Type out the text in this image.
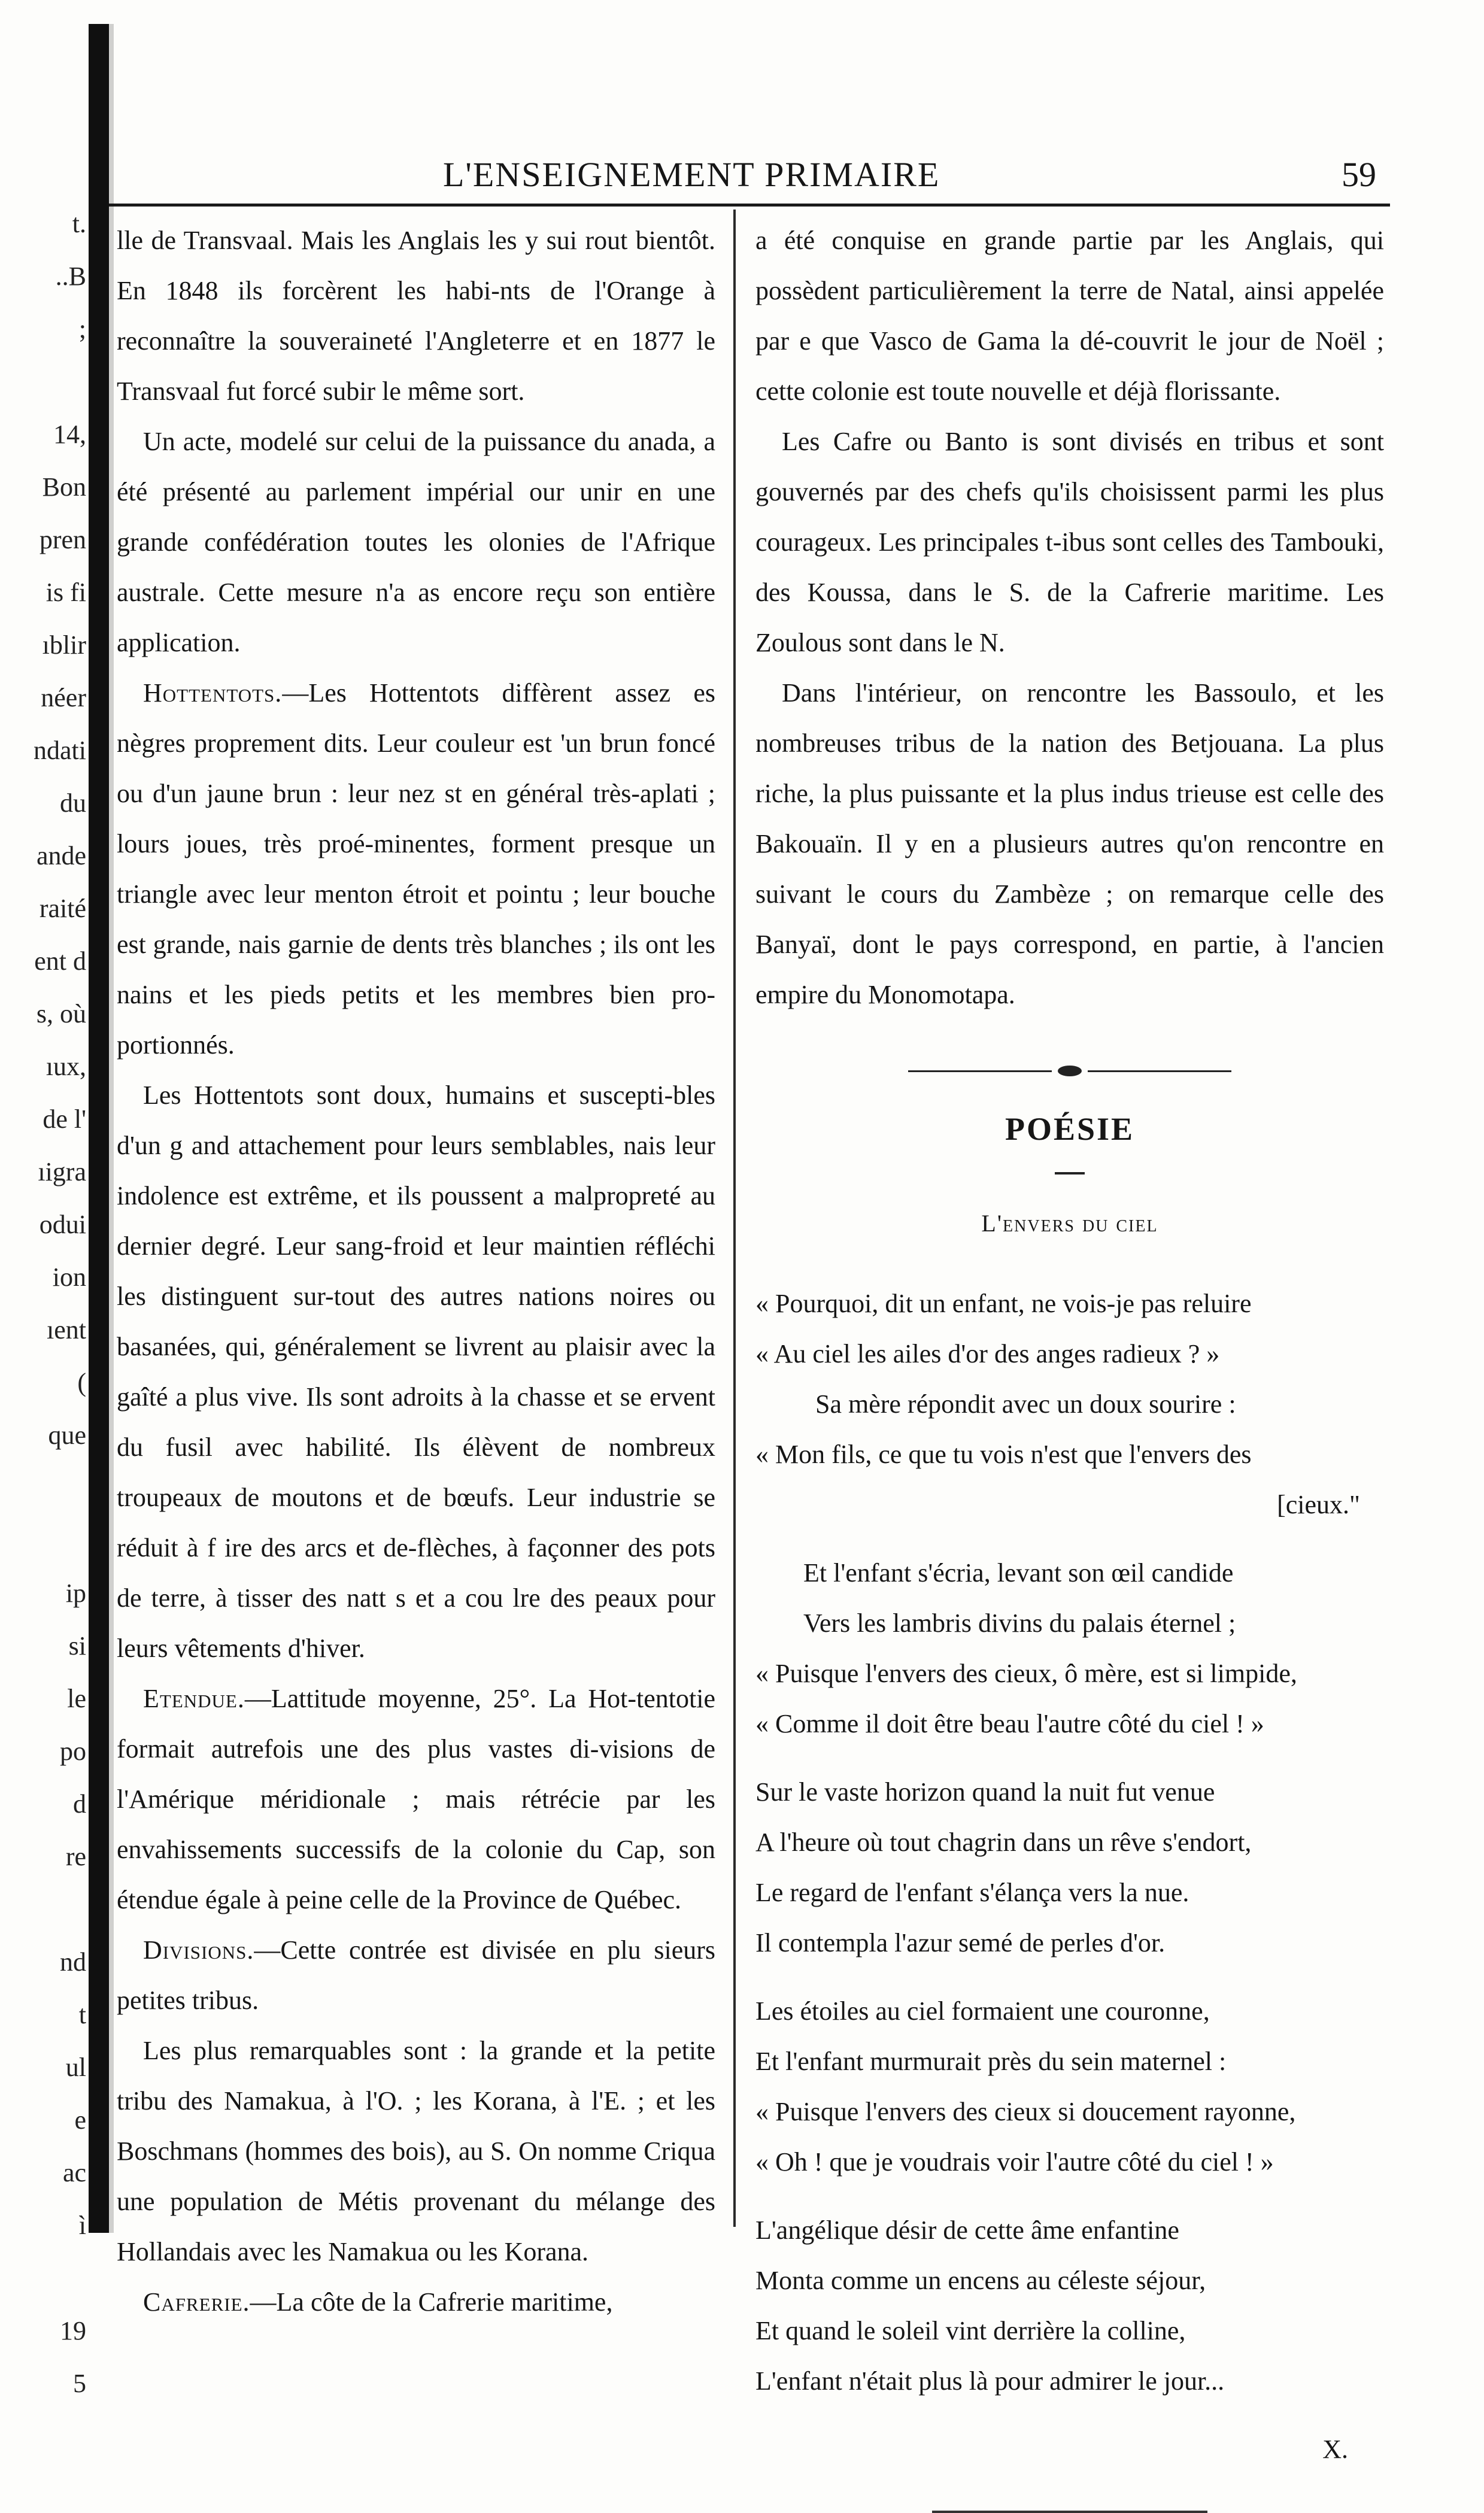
t.
..B
;
14,
Bon
pren
is fi
ıblir
néer
ndati
du
ande
raité
ent d
s, où
ıux,
de l'
ıigra
odui
ion
ıent
(
que
ip
si
le
po
d
re
nd
t
ul
e
ac
ì
19
5
L'ENSEIGNEMENT PRIMAIRE	59

lle de Transvaal. Mais les Anglais les y sui rout bientôt. En 1848 ils forcèrent les habi-nts de l'Orange à reconnaître la souveraineté l'Angleterre et en 1877 le Transvaal fut forcé subir le même sort.

Un acte, modelé sur celui de la puissance du anada, a été présenté au parlement impérial our unir en une grande confédération toutes les olonies de l'Afrique australe. Cette mesure n'a as encore reçu son entière application.

Hottentots.—Les Hottentots diffèrent assez es nègres proprement dits. Leur couleur est 'un brun foncé ou d'un jaune brun : leur nez st en général très-aplati ; lours joues, très proé-minentes, forment presque un triangle avec leur menton étroit et pointu ; leur bouche est grande, nais garnie de dents très blanches ; ils ont les nains et les pieds petits et les membres bien pro-portionnés.

Les Hottentots sont doux, humains et suscepti-bles d'un g and attachement pour leurs semblables, nais leur indolence est extrême, et ils poussent a malpropreté au dernier degré. Leur sang-froid et leur maintien réfléchi les distinguent sur-tout des autres nations noires ou basanées, qui, généralement se livrent au plaisir avec la gaîté a plus vive. Ils sont adroits à la chasse et se ervent du fusil avec habilité. Ils élèvent de nombreux troupeaux de moutons et de bœufs. Leur industrie se réduit à f ire des arcs et de-flèches, à façonner des pots de terre, à tisser des natt s et a cou lre des peaux pour leurs vêtements d'hiver.

Etendue.—Lattitude moyenne, 25°. La Hot-tentotie formait autrefois une des plus vastes di-visions de l'Amérique méridionale ; mais rétrécie par les envahissements successifs de la colonie du Cap, son étendue égale à peine celle de la Province de Québec.

Divisions.—Cette contrée est divisée en plu sieurs petites tribus.

Les plus remarquables sont : la grande et la petite tribu des Namakua, à l'O. ; les Korana, à l'E. ; et les Boschmans (hommes des bois), au S. On nomme Criqua une population de Métis provenant du mélange des Hollandais avec les Namakua ou les Korana.

Cafrerie.—La côte de la Cafrerie maritime,

a été conquise en grande partie par les Anglais, qui possèdent particulièrement la terre de Natal, ainsi appelée par e que Vasco de Gama la dé-couvrit le jour de Noël ; cette colonie est toute nouvelle et déjà florissante.

Les Cafre ou Banto is sont divisés en tribus et sont gouvernés par des chefs qu'ils choisissent parmi les plus courageux. Les principales t-ibus sont celles des Tambouki, des Koussa, dans le S. de la Cafrerie maritime. Les Zoulous sont dans le N.

Dans l'intérieur, on rencontre les Bassoulo, et les nombreuses tribus de la nation des Betjouana. La plus riche, la plus puissante et la plus indus trieuse est celle des Bakouaïn. Il y en a plusieurs autres qu'on rencontre en suivant le cours du Zambèze ; on remarque celle des Banyaï, dont le pays correspond, en partie, à l'ancien empire du Monomotapa.

POÉSIE
L'envers du ciel
« Pourquoi, dit un enfant, ne vois-je pas reluire
« Au ciel les ailes d'or des anges radieux ? »
Sa mère répondit avec un doux sourire :
« Mon fils, ce que tu vois n'est que l'envers des
[cieux."
Et l'enfant s'écria, levant son œil candide
Vers les lambris divins du palais éternel ;
« Puisque l'envers des cieux, ô mère, est si limpide,
« Comme il doit être beau l'autre côté du ciel ! »
Sur le vaste horizon quand la nuit fut venue
A l'heure où tout chagrin dans un rêve s'endort,
Le regard de l'enfant s'élança vers la nue.
Il contempla l'azur semé de perles d'or.
Les étoiles au ciel formaient une couronne,
Et l'enfant murmurait près du sein maternel :
« Puisque l'envers des cieux si doucement rayonne,
« Oh ! que je voudrais voir l'autre côté du ciel ! »
L'angélique désir de cette âme enfantine
Monta comme un encens au céleste séjour,
Et quand le soleil vint derrière la colline,
L'enfant n'était plus là pour admirer le jour...
X.
